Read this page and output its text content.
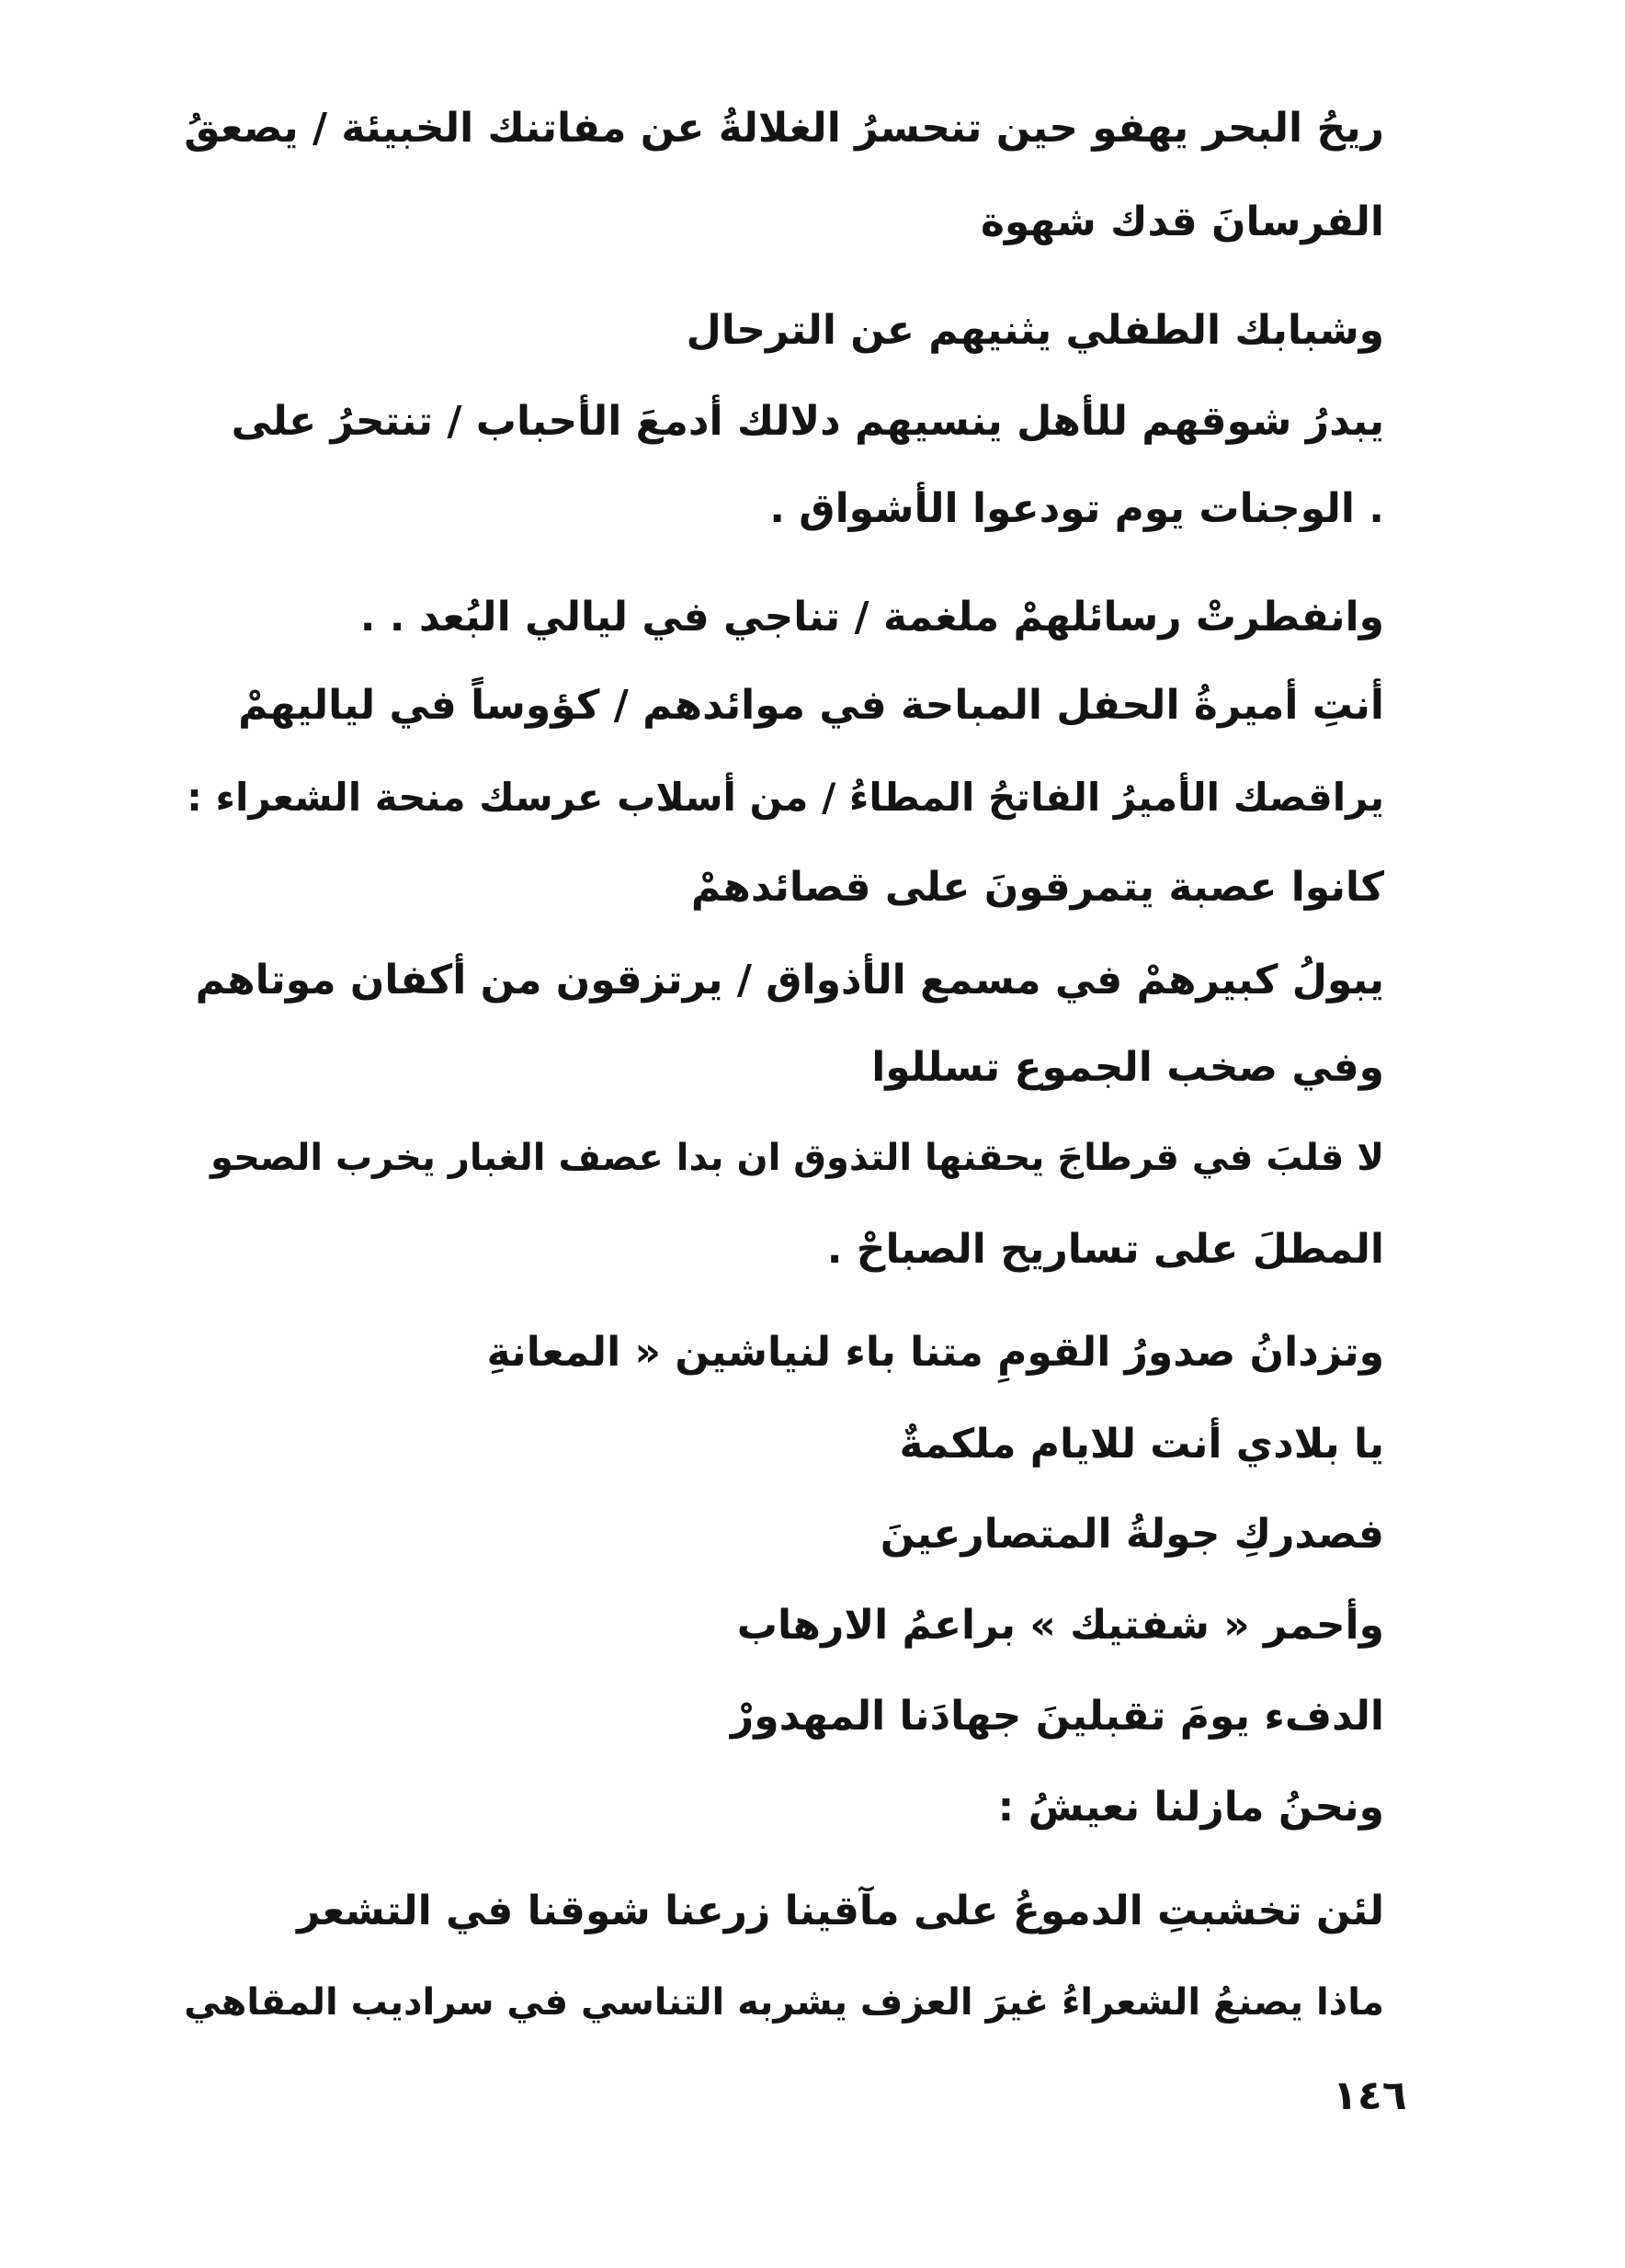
ريحُ البحر يهفو حين تنحسرُ الغلالةُ عن مفاتنك الخبيئة / يصعقُ
الفرسانَ قدك شهوة
وشبابك الطفلي يثنيهم عن الترحال
يبدرُ شوقهم للأهل ينسيهم دلالك أدمعَ الأحباب / تنتحرُ على
. الوجنات يوم تودعوا الأشواق .
وانفطرتْ رسائلهمْ ملغمة / تناجي في ليالي البُعد . .
أنتِ أميرةُ الحفل المباحة في موائدهم / كؤوساً في لياليهمْ
يراقصك الأميرُ الفاتحُ المطاءُ / من أسلاب عرسك منحة الشعراء :
كانوا عصبة يتمرقونَ على قصائدهمْ
يبولُ كبيرهمْ في مسمع الأذواق / يرتزقون من أكفان موتاهم
وفي صخب الجموع تسللوا
لا قلبَ في قرطاجَ يحقنها التذوق ان بدا عصف الغبار يخرب الصحو
المطلَ على تساريح الصباحْ .
وتزدانُ صدورُ القومِ متنا باء لنياشين « المعانةِ
يا بلادي أنت للايام ملكمةٌ
فصدركِ جولةُ المتصارعينَ
وأحمر « شفتيك » براعمُ الارهاب
الدفء يومَ تقبلينَ جهادَنا المهدورْ
ونحنُ مازلنا نعيشُ :
لئن تخشبتِ الدموعُ على مآقينا زرعنا شوقنا في التشعر
ماذا يصنعُ الشعراءُ غيرَ العزف يشربه التناسي في سراديب المقاهي
١٤٦
